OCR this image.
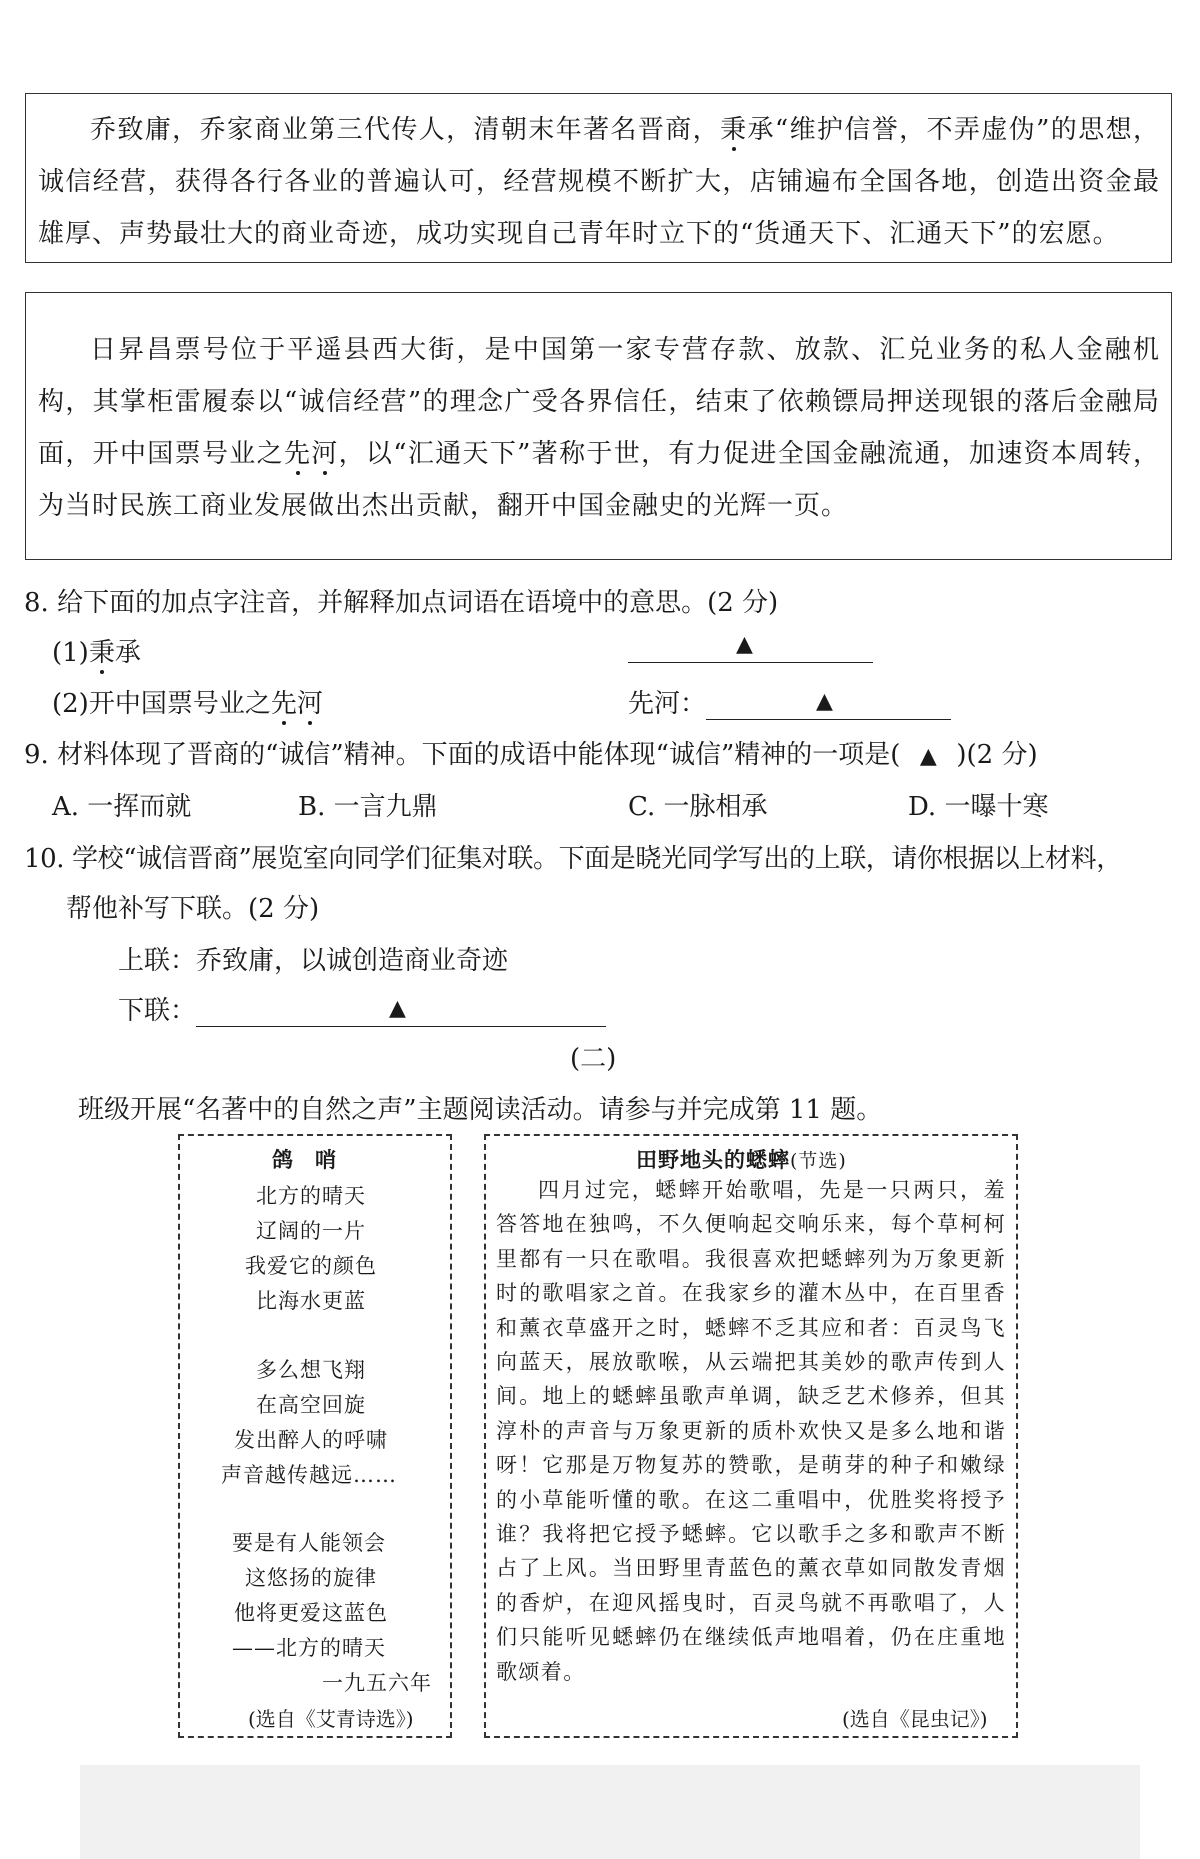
乔致庸，乔家商业第三代传人，清朝末年著名晋商，秉承“维护信誉，不弄虚伪”的思想，诚信经营，获得各行各业的普遍认可，经营规模不断扩大，店铺遍布全国各地，创造出资金最雄厚、声势最壮大的商业奇迹，成功实现自己青年时立下的“货通天下、汇通天下”的宏愿。
日昇昌票号位于平遥县西大街，是中国第一家专营存款、放款、汇兑业务的私人金融机构，其掌柜雷履泰以“诚信经营”的理念广受各界信任，结束了依赖镖局押送现银的落后金融局面，开中国票号业之先河，以“汇通天下”著称于世，有力促进全国金融流通，加速资本周转，为当时民族工商业发展做出杰出贡献，翻开中国金融史的光辉一页。
8. 给下面的加点字注音，并解释加点词语在语境中的意思。(2 分)
(1)秉承	▲
(2)开中国票号业之先河	先河：	▲
9. 材料体现了晋商的“诚信”精神。下面的成语中能体现“诚信”精神的一项是( ▲ )(2 分)
A. 一挥而就	B. 一言九鼎	C. 一脉相承	D. 一曝十寒
10. 学校“诚信晋商”展览室向同学们征集对联。下面是晓光同学写出的上联，请你根据以上材料，
帮他补写下联。(2 分)
上联：乔致庸，以诚创造商业奇迹
下联：	▲
(二)
班级开展“名著中的自然之声”主题阅读活动。请参与并完成第 11 题。
鸽哨
北方的晴天
辽阔的一片
我爱它的颜色
比海水更蓝
多么想飞翔
在高空回旋
发出醉人的呼啸
声音越传越远……
要是有人能领会
这悠扬的旋律
他将更爱这蓝色
——北方的晴天
一九五六年
(选自《艾青诗选》)
田野地头的蟋蟀(节选)
四月过完，蟋蟀开始歌唱，先是一只两只，羞答答地在独鸣，不久便响起交响乐来，每个草柯柯里都有一只在歌唱。我很喜欢把蟋蟀列为万象更新时的歌唱家之首。在我家乡的灌木丛中，在百里香和薰衣草盛开之时，蟋蟀不乏其应和者：百灵鸟飞向蓝天，展放歌喉，从云端把其美妙的歌声传到人间。地上的蟋蟀虽歌声单调，缺乏艺术修养，但其淳朴的声音与万象更新的质朴欢快又是多么地和谐呀！它那是万物复苏的赞歌，是萌芽的种子和嫩绿的小草能听懂的歌。在这二重唱中，优胜奖将授予谁？我将把它授予蟋蟀。它以歌手之多和歌声不断占了上风。当田野里青蓝色的薰衣草如同散发青烟的香炉，在迎风摇曳时，百灵鸟就不再歌唱了，人们只能听见蟋蟀仍在继续低声地唱着，仍在庄重地歌颂着。
(选自《昆虫记》)
